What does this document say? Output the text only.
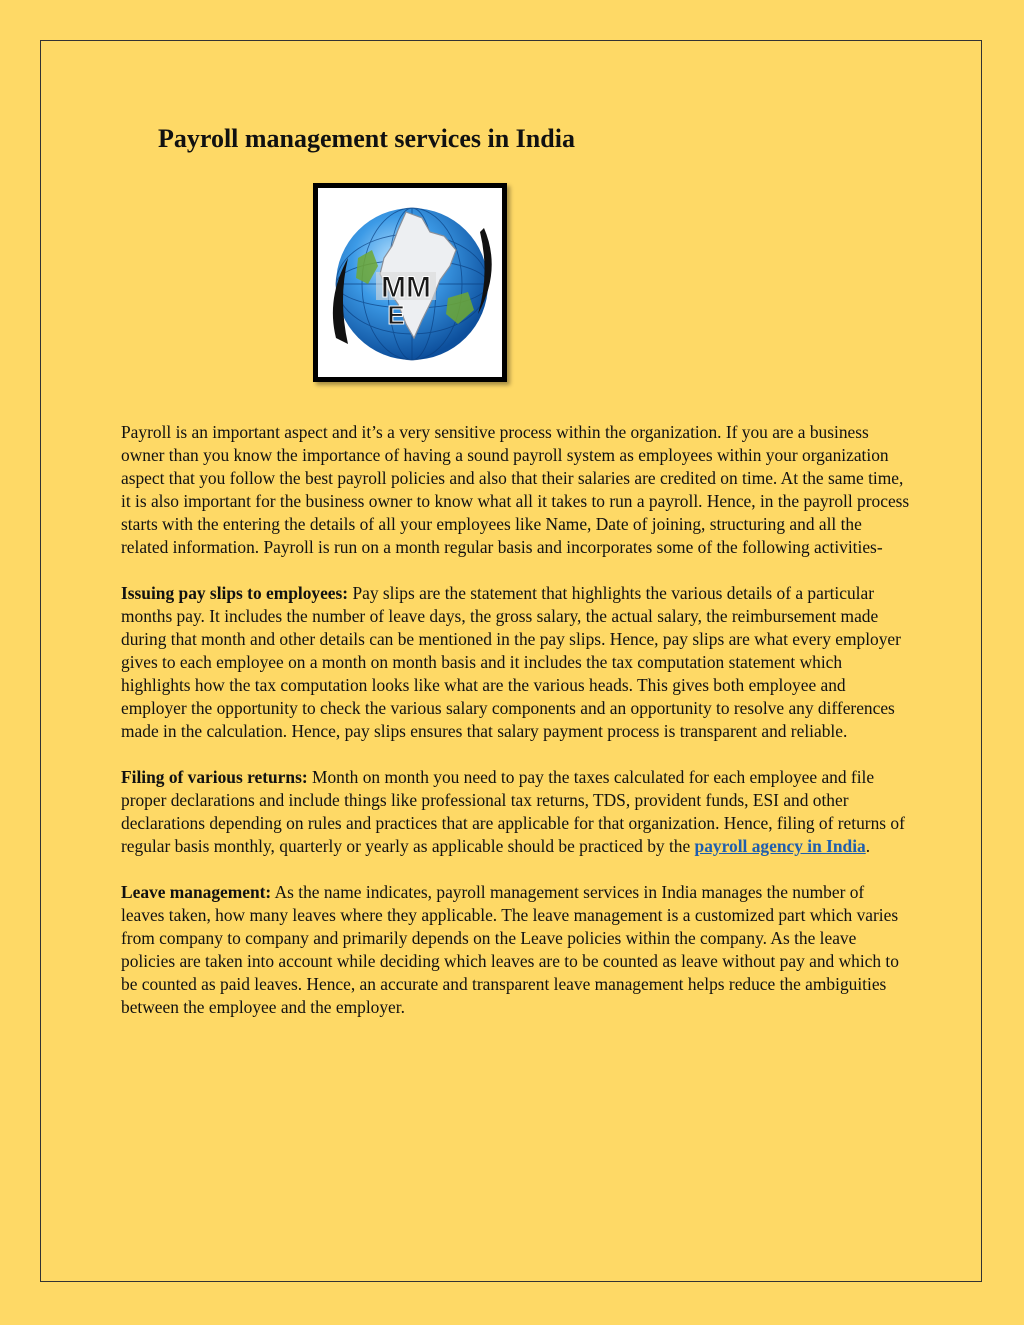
Payroll management services in India
MM
E

Payroll is an important aspect and it’s a very sensitive process within the organization. If you are a business owner than you know the importance of having a sound payroll system as employees within your organization aspect that you follow the best payroll policies and also that their salaries are credited on time. At the same time, it is also important for the business owner to know what all it takes to run a payroll. Hence, in the payroll process starts with the entering the details of all your employees like Name, Date of joining, structuring and all the related information. Payroll is run on a month regular basis and incorporates some of the following activities-

Issuing pay slips to employees: Pay slips are the statement that highlights the various details of a particular months pay. It includes the number of leave days, the gross salary, the actual salary, the reimbursement made during that month and other details can be mentioned in the pay slips. Hence, pay slips are what every employer gives to each employee on a month on month basis and it includes the tax computation statement which highlights how the tax computation looks like what are the various heads. This gives both employee and employer the opportunity to check the various salary components and an opportunity to resolve any differences made in the calculation. Hence, pay slips ensures that salary payment process is transparent and reliable.

Filing of various returns: Month on month you need to pay the taxes calculated for each employee and file proper declarations and include things like professional tax returns, TDS, provident funds, ESI and other declarations depending on rules and practices that are applicable for that organization. Hence, filing of returns of regular basis monthly, quarterly or yearly as applicable should be practiced by the payroll agency in India.

Leave management: As the name indicates, payroll management services in India manages the number of leaves taken, how many leaves where they applicable. The leave management is a customized part which varies from company to company and primarily depends on the Leave policies within the company. As the leave policies are taken into account while deciding which leaves are to be counted as leave without pay and which to be counted as paid leaves. Hence, an accurate and transparent leave management helps reduce the ambiguities between the employee and the employer.
